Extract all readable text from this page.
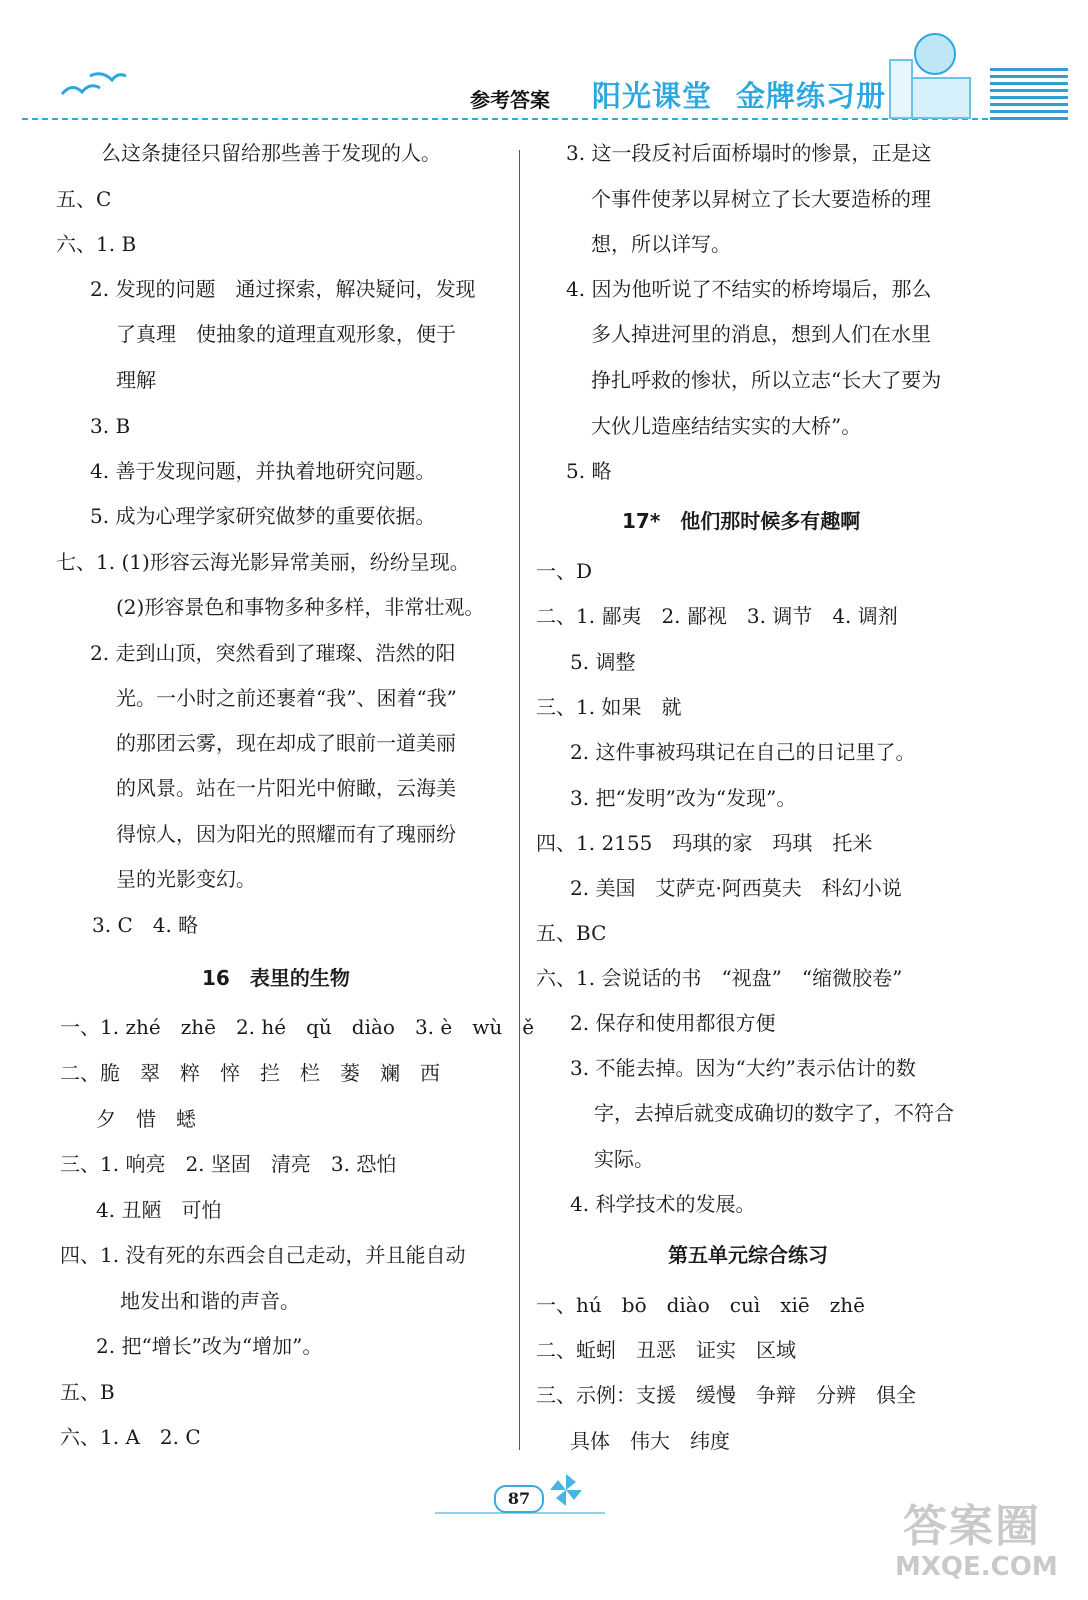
参考答案 阳光课堂 金牌练习册
么这条捷径只留给那些善于发现的人。
五、C
六、1. B
2. 发现的问题　通过探索，解决疑问，发现
了真理　使抽象的道理直观形象，便于
理解
3. B
4. 善于发现问题，并执着地研究问题。
5. 成为心理学家研究做梦的重要依据。
七、1. (1)形容云海光影异常美丽，纷纷呈现。
(2)形容景色和事物多种多样，非常壮观。
2. 走到山顶，突然看到了璀璨、浩然的阳
光。一小时之前还裹着“我”、困着“我”
的那团云雾，现在却成了眼前一道美丽
的风景。站在一片阳光中俯瞰，云海美
得惊人，因为阳光的照耀而有了瑰丽纷
呈的光影变幻。
3. C　4. 略
16　表里的生物
一、1. zhé　zhē　2. hé　qǔ　diào　3. è　wù　ě
二、脆　翠　粹　悴　拦　栏　蒌　斓　西
夕　惜　蟋
三、1. 响亮　2. 坚固　清亮　3. 恐怕
4. 丑陋　可怕
四、1. 没有死的东西会自己走动，并且能自动
地发出和谐的声音。
2. 把“增长”改为“增加”。
五、B
六、1. A　2. C
3. 这一段反衬后面桥塌时的惨景，正是这
个事件使茅以昇树立了长大要造桥的理
想，所以详写。
4. 因为他听说了不结实的桥垮塌后，那么
多人掉进河里的消息，想到人们在水里
挣扎呼救的惨状，所以立志“长大了要为
大伙儿造座结结实实的大桥”。
5. 略
17*　他们那时候多有趣啊
一、D
二、1. 鄙夷　2. 鄙视　3. 调节　4. 调剂
5. 调整
三、1. 如果　就
2. 这件事被玛琪记在自己的日记里了。
3. 把“发明”改为“发现”。
四、1. 2155　玛琪的家　玛琪　托米
2. 美国　艾萨克·阿西莫夫　科幻小说
五、BC
六、1. 会说话的书　“视盘”　“缩微胶卷”
2. 保存和使用都很方便
3. 不能去掉。因为“大约”表示估计的数
字，去掉后就变成确切的数字了，不符合
实际。
4. 科学技术的发展。
第五单元综合练习
一、hú　bō　diào　cuì　xiē　zhē
二、蚯蚓　丑恶　证实　区域
三、示例：支援　缓慢　争辩　分辨　俱全
具体　伟大　纬度
87
答案圈
MXQE.COM
